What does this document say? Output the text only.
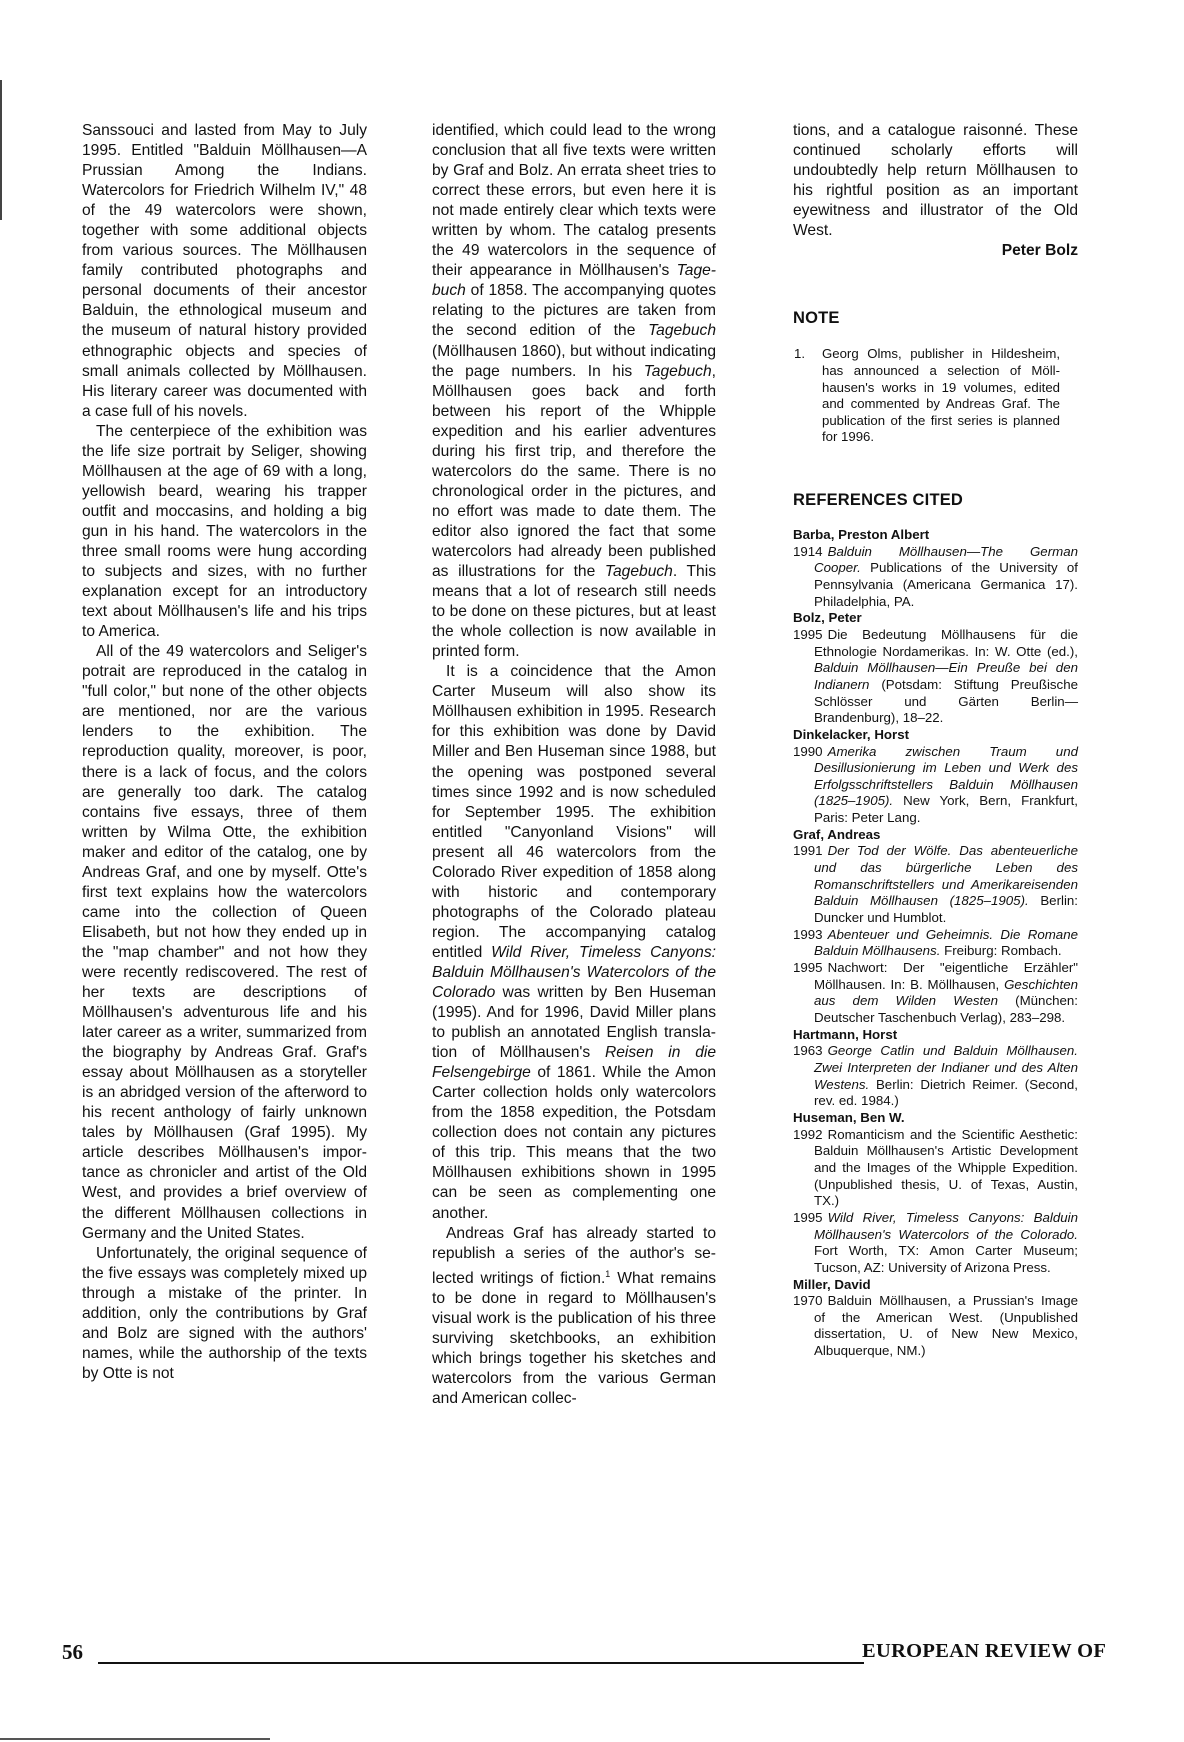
Sanssouci and lasted from May to July 1995. Entitled "Balduin Möllhausen—A Prussian Among the Indians. Watercolors for Friedrich Wilhelm IV," 48 of the 49 watercolors were shown, together with some additional objects from various sources. The Möllhausen family contributed photographs and personal documents of their ancestor Balduin, the ethnological museum and the museum of natural history provided ethnographic objects and species of small animals collected by Möllhausen. His literary career was documented with a case full of his novels.

The centerpiece of the exhibition was the life size portrait by Seliger, showing Möllhausen at the age of 69 with a long, yellowish beard, wearing his trapper outfit and moccasins, and holding a big gun in his hand. The watercolors in the three small rooms were hung according to subjects and sizes, with no further explanation except for an introductory text about Möllhausen's life and his trips to America.

All of the 49 watercolors and Seliger's potrait are reproduced in the catalog in "full color," but none of the other objects are mentioned, nor are the various lenders to the exhibition. The reproduction quality, moreover, is poor, there is a lack of focus, and the colors are generally too dark. The catalog contains five essays, three of them written by Wilma Otte, the exhibition maker and editor of the catalog, one by Andreas Graf, and one by myself. Otte's first text explains how the watercolors came into the collection of Queen Elisabeth, but not how they ended up in the "map chamber" and not how they were recently rediscovered. The rest of her texts are descriptions of Möllhausen's adventurous life and his later career as a writer, summarized from the biography by Andreas Graf. Graf's essay about Möllhausen as a storyteller is an abridged version of the afterword to his recent anthology of fairly unknown tales by Möllhausen (Graf 1995). My article describes Möllhausen's importance as chronicler and artist of the Old West, and provides a brief overview of the different Möllhausen collections in Germany and the United States.

Unfortunately, the original sequence of the five essays was completely mixed up through a mistake of the printer. In addition, only the contributions by Graf and Bolz are signed with the authors' names, while the authorship of the texts by Otte is not

identified, which could lead to the wrong conclusion that all five texts were written by Graf and Bolz. An errata sheet tries to correct these errors, but even here it is not made entirely clear which texts were written by whom. The catalog presents the 49 watercolors in the sequence of their appearance in Möllhausen's Tagebuch of 1858. The accompanying quotes relating to the pictures are taken from the second edition of the Tagebuch (Möllhausen 1860), but without indicating the page numbers. In his Tagebuch, Möllhausen goes back and forth between his report of the Whipple expedition and his earlier adventures during his first trip, and therefore the watercolors do the same. There is no chronological order in the pictures, and no effort was made to date them. The editor also ignored the fact that some watercolors had already been published as illustrations for the Tagebuch. This means that a lot of research still needs to be done on these pictures, but at least the whole collection is now available in printed form.

It is a coincidence that the Amon Carter Museum will also show its Möllhausen exhibition in 1995. Research for this exhibition was done by David Miller and Ben Huseman since 1988, but the opening was postponed several times since 1992 and is now scheduled for September 1995. The exhibition entitled "Canyonland Visions" will present all 46 watercolors from the Colorado River expedition of 1858 along with historic and contemporary photographs of the Colorado plateau region. The accompanying catalog entitled Wild River, Timeless Canyons: Balduin Möllhausen's Watercolors of the Colorado was written by Ben Huseman (1995). And for 1996, David Miller plans to publish an annotated English translation of Möllhausen's Reisen in die Felsengebirge of 1861. While the Amon Carter collection holds only watercolors from the 1858 expedition, the Potsdam collection does not contain any pictures of this trip. This means that the two Möllhausen exhibitions shown in 1995 can be seen as complementing one another.

Andreas Graf has already started to republish a series of the author's selected writings of fiction.$^1$ What remains to be done in regard to Möllhausen's visual work is the publication of his three surviving sketchbooks, an exhibition which brings together his sketches and watercolors from the various German and American collec-

tions, and a catalogue raisonné. These continued scholarly efforts will undoubtedly help return Möllhausen to his rightful position as an important eyewitness and illustrator of the Old West.

Peter Bolz

NOTE
1.	Georg Olms, publisher in Hildesheim, has announced a selection of Möllhausen's works in 19 volumes, edited and commented by Andreas Graf. The publication of the first series is planned for 1996.
REFERENCES CITED

Barba, Preston Albert

1914 Balduin Möllhausen—The German Cooper. Publications of the University of Pennsylvania (Americana Germanica 17). Philadelphia, PA.

Bolz, Peter

1995 Die Bedeutung Möllhausens für die Ethnologie Nordamerikas. In: W. Otte (ed.), Balduin Möllhausen—Ein Preuße bei den Indianern (Potsdam: Stiftung Preußische Schlösser und Gärten Berlin—Brandenburg), 18–22.

Dinkelacker, Horst

1990 Amerika zwischen Traum und Desillusionierung im Leben und Werk des Erfolgsschriftstellers Balduin Möllhausen (1825–1905). New York, Bern, Frankfurt, Paris: Peter Lang.

Graf, Andreas

1991 Der Tod der Wölfe. Das abenteuerliche und das bürgerliche Leben des Romanschriftstellers und Amerikareisenden Balduin Möllhausen (1825–1905). Berlin: Duncker und Humblot.

1993 Abenteuer und Geheimnis. Die Romane Balduin Möllhausens. Freiburg: Rombach.

1995 Nachwort: Der "eigentliche Erzähler" Möllhausen. In: B. Möllhausen, Geschichten aus dem Wilden Westen (München: Deutscher Taschenbuch Verlag), 283–298.

Hartmann, Horst

1963 George Catlin und Balduin Möllhausen. Zwei Interpreten der Indianer und des Alten Westens. Berlin: Dietrich Reimer. (Second, rev. ed. 1984.)

Huseman, Ben W.

1992 Romanticism and the Scientific Aesthetic: Balduin Möllhausen's Artistic Development and the Images of the Whipple Expedition. (Unpublished thesis, U. of Texas, Austin, TX.)

1995 Wild River, Timeless Canyons: Balduin Möllhausen's Watercolors of the Colorado. Fort Worth, TX: Amon Carter Museum; Tucson, AZ: University of Arizona Press.

Miller, David

1970 Balduin Möllhausen, a Prussian's Image of the American West. (Unpublished dissertation, U. of New New Mexico, Albuquerque, NM.)

56	EUROPEAN REVIEW OF
